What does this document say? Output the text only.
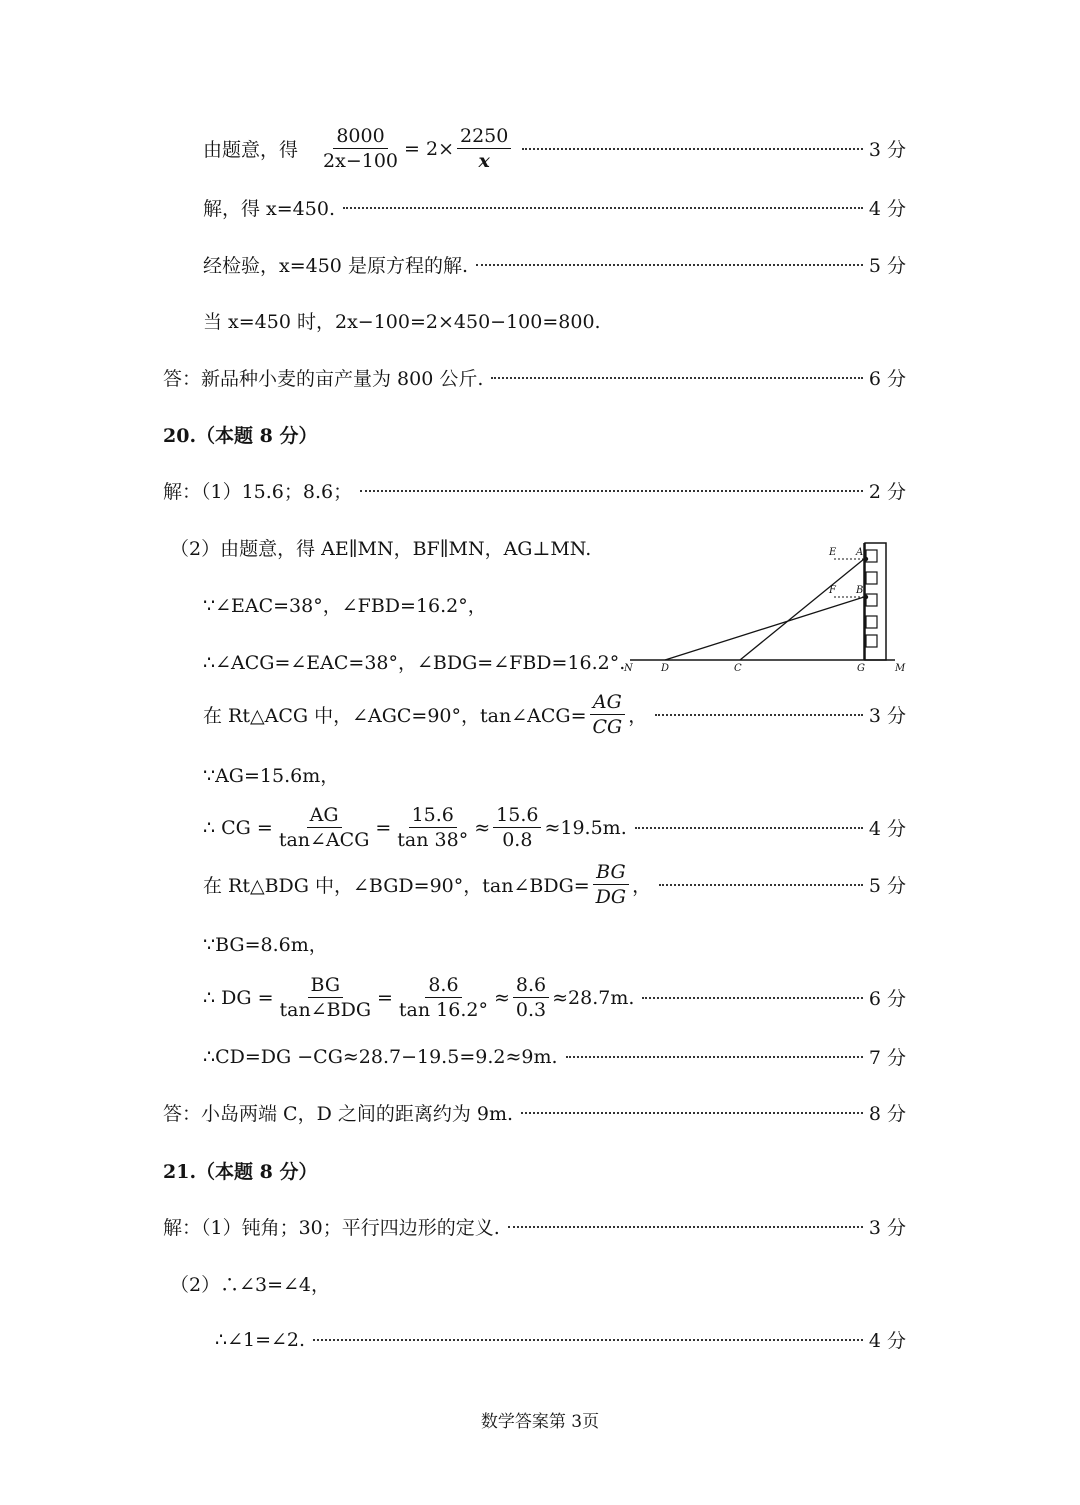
由题意，得 $\frac{8000}{2x-100} = 2\times \frac{2250}{x}$	3 分
解，得 x=450.	4 分
经检验，x=450 是原方程的解.	5 分
当 x=450 时，2x−100=2×450−100=800.
答：新品种小麦的亩产量为 800 公斤.	6 分
20.（本题 8 分）
解：（1）15.6；8.6；	2 分
（2）由题意，得 AE∥MN，BF∥MN，AG⊥MN.	E A
F B
N	D	C	G	M
∵∠EAC=38°，∠FBD=16.2°，
∴∠ACG=∠EAC=38°，∠BDG=∠FBD=16.2°.
在 Rt△ACG 中，∠AGC=90°，tan∠ACG= $\frac{AG}{CG}$ ，	3 分
∵AG=15.6m，
∴ CG = $\frac{AG}{\text{tan∠ACG}} = \frac{15.6}{\tan 38^\circ} \approx \frac{15.6}{0.8} \approx 19.5m$.	4 分
在 Rt△BDG 中，∠BGD=90°，tan∠BDG= $\frac{BG}{DG}$ ，	5 分
∵BG=8.6m，
∴ DG = $\frac{BG}{\text{tan∠BDG}} = \frac{8.6}{\tan 16.2^\circ} \approx \frac{8.6}{0.3} \approx 28.7m$.	6 分
∴CD=DG −CG≈28.7−19.5=9.2≈9m.	7 分
答：小岛两端 C，D 之间的距离约为 9m.	8 分
21.（本题 8 分）
解：（1）钝角；30；平行四边形的定义.	3 分
（2）∴∠3=∠4，
∴∠1=∠2.	4 分
数学答案第 3页
